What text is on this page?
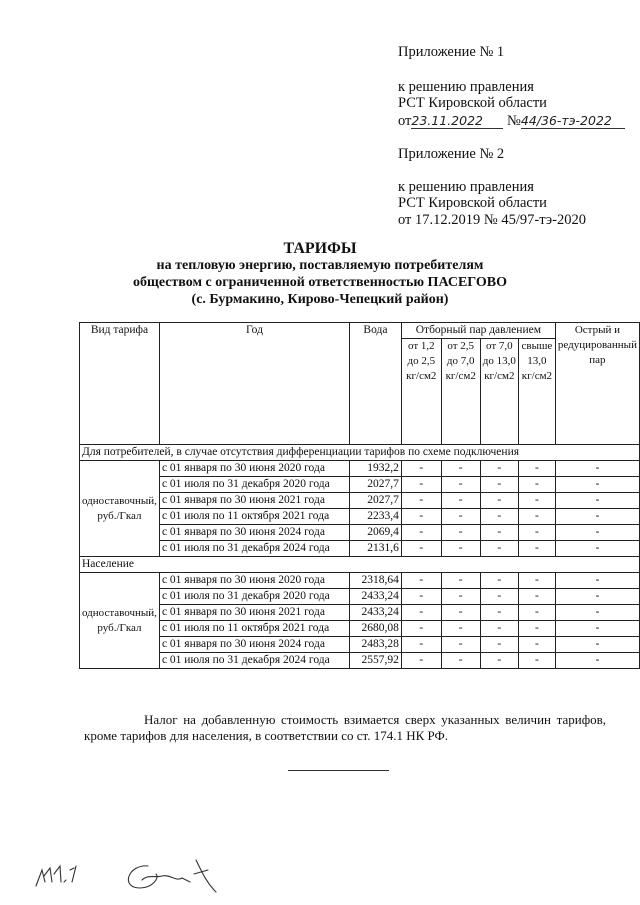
Приложение № 1
к решению правления
РСТ Кировской области
от23.11.2022 №44/36-тэ-2022
Приложение № 2
к решению правления
РСТ Кировской области
от 17.12.2019 № 45/97-тэ-2020
ТАРИФЫ
на тепловую энергию, поставляемую потребителям
обществом с ограниченной ответственностью ПАСЕГОВО
(с. Бурмакино, Кирово-Чепецкий район)
Вид тарифа	Год	Вода	Отборный пар давлением				Острый и редуцированный пар
			от 1,2 до 2,5 кг/см2	от 2,5 до 7,0 кг/см2	от 7,0 до 13,0 кг/см2	свыше 13,0 кг/см2	
Для потребителей, в случае отсутствия дифференциации тарифов по схеме подключения							
одноставочный, руб./Гкал	с 01 января по 30 июня 2020 года	1932,2	-	-	-	-	-
	с 01 июля по 31 декабря 2020 года	2027,7	-	-	-	-	-
	с 01 января по 30 июня 2021 года	2027,7	-	-	-	-	-
	с 01 июля по 11 октября 2021 года	2233,4	-	-	-	-	-
	с 01 января по 30 июня 2024 года	2069,4	-	-	-	-	-
	с 01 июля по 31 декабря 2024 года	2131,6	-	-	-	-	-
Население							
одноставочный, руб./Гкал	с 01 января по 30 июня 2020 года	2318,64	-	-	-	-	-
	с 01 июля по 31 декабря 2020 года	2433,24	-	-	-	-	-
	с 01 января по 30 июня 2021 года	2433,24	-	-	-	-	-
	с 01 июля по 11 октября 2021 года	2680,08	-	-	-	-	-
	с 01 января по 30 июня 2024 года	2483,28	-	-	-	-	-
	с 01 июля по 31 декабря 2024 года	2557,92	-	-	-	-	-
Налог на добавленную стоимость взимается сверх указанных величин тарифов, кроме тарифов для населения, в соответствии со ст. 174.1 НК РФ.
